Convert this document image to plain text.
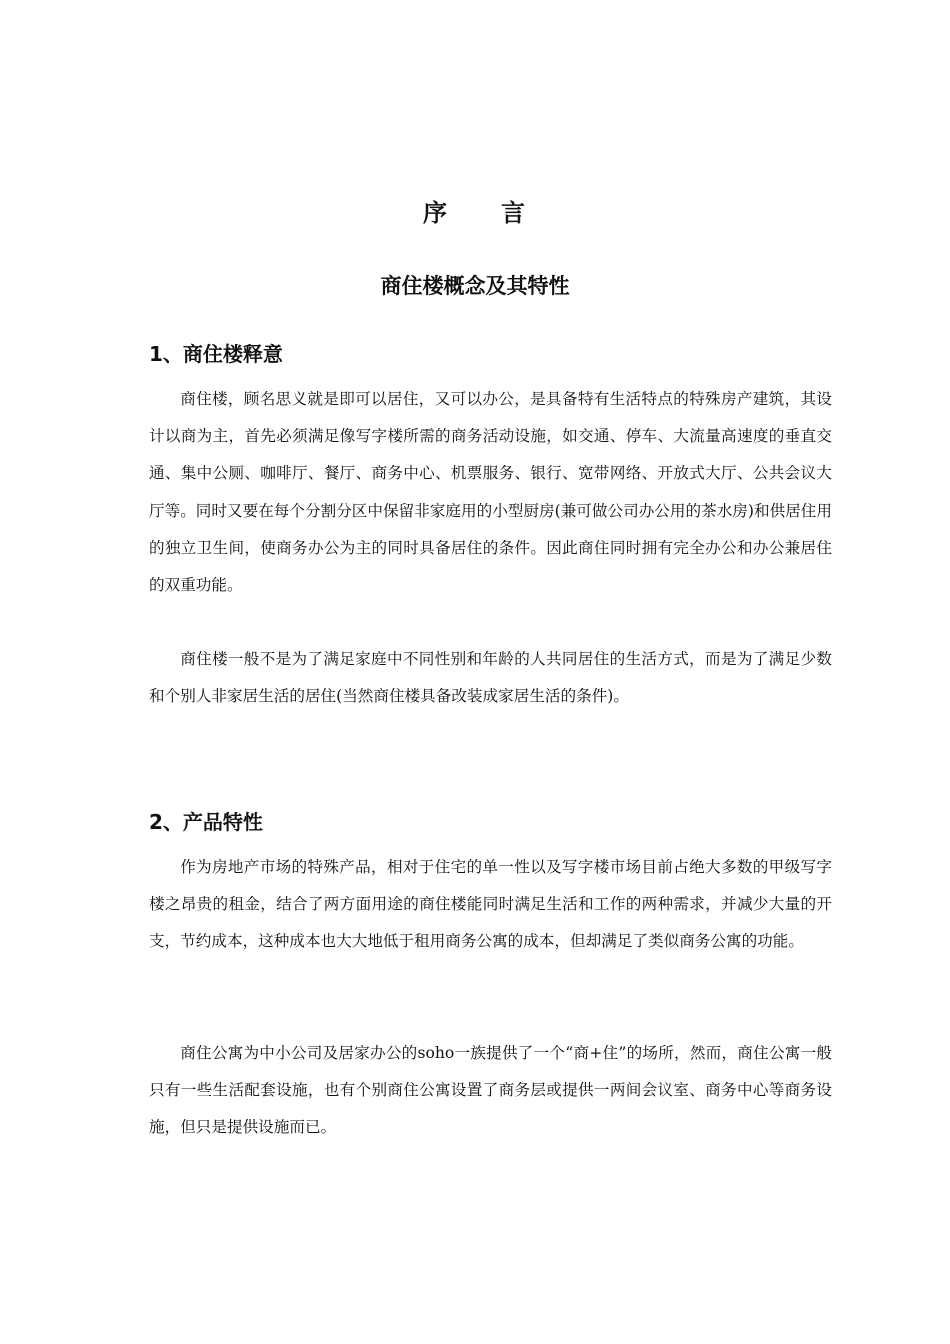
序　　言
商住楼概念及其特性
1、商住楼释意

商住楼，顾名思义就是即可以居住，又可以办公，是具备特有生活特点的特殊房产建筑，其设计以商为主，首先必须满足像写字楼所需的商务活动设施，如交通、停车、大流量高速度的垂直交通、集中公厕、咖啡厅、餐厅、商务中心、机票服务、银行、宽带网络、开放式大厅、公共会议大厅等。同时又要在每个分割分区中保留非家庭用的小型厨房(兼可做公司办公用的茶水房)和供居住用的独立卫生间，使商务办公为主的同时具备居住的条件。因此商住同时拥有完全办公和办公兼居住的双重功能。

商住楼一般不是为了满足家庭中不同性别和年龄的人共同居住的生活方式，而是为了满足少数和个别人非家居生活的居住(当然商住楼具备改装成家居生活的条件)。

2、产品特性

作为房地产市场的特殊产品，相对于住宅的单一性以及写字楼市场目前占绝大多数的甲级写字楼之昂贵的租金，结合了两方面用途的商住楼能同时满足生活和工作的两种需求，并减少大量的开支，节约成本，这种成本也大大地低于租用商务公寓的成本，但却满足了类似商务公寓的功能。

商住公寓为中小公司及居家办公的soho一族提供了一个“商+住”的场所，然而，商住公寓一般只有一些生活配套设施，也有个别商住公寓设置了商务层或提供一两间会议室、商务中心等商务设施，但只是提供设施而已。
